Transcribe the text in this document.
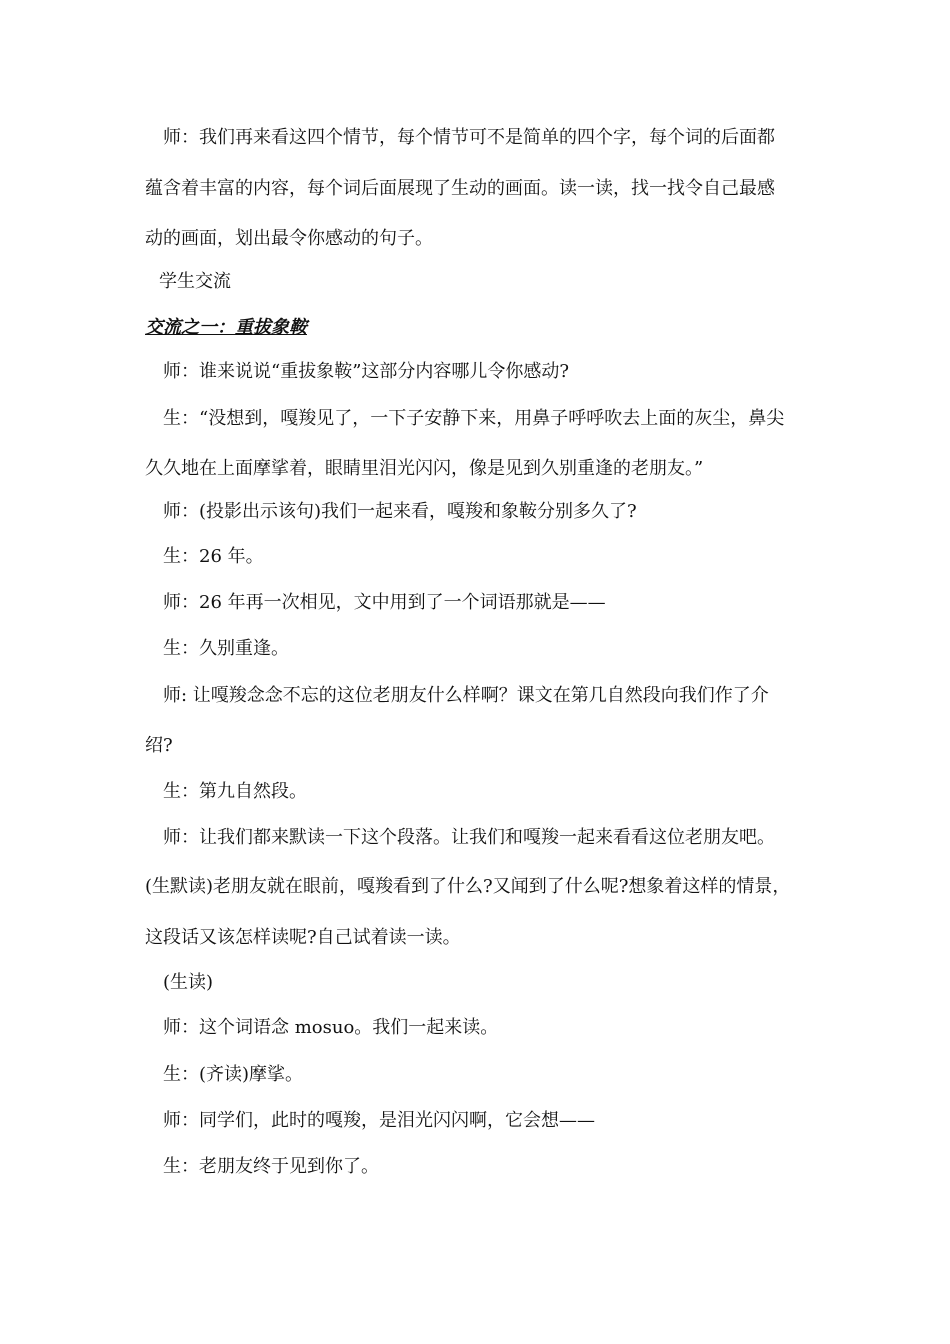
师：我们再来看这四个情节，每个情节可不是简单的四个字，每个词的后面都
蕴含着丰富的内容，每个词后面展现了生动的画面。读一读，找一找令自己最感
动的画面，划出最令你感动的句子。
学生交流
交流之一：重拔象鞍
师：谁来说说“重拔象鞍”这部分内容哪儿令你感动?
生：“没想到，嘎羧见了，一下子安静下来，用鼻子呼呼吹去上面的灰尘，鼻尖
久久地在上面摩挲着，眼睛里泪光闪闪，像是见到久别重逢的老朋友。”
师：(投影出示该句)我们一起来看，嘎羧和象鞍分别多久了?
生：26 年。
师：26 年再一次相见，文中用到了一个词语那就是——
生：久别重逢。
师: 让嘎羧念念不忘的这位老朋友什么样啊？课文在第几自然段向我们作了介
绍?
生：第九自然段。
师：让我们都来默读一下这个段落。让我们和嘎羧一起来看看这位老朋友吧。
(生默读)老朋友就在眼前，嘎羧看到了什么?又闻到了什么呢?想象着这样的情景，
这段话又该怎样读呢?自己试着读一读。
(生读)
师：这个词语念 mosuo。我们一起来读。
生：(齐读)摩挲。
师：同学们，此时的嘎羧，是泪光闪闪啊，它会想——
生：老朋友终于见到你了。
